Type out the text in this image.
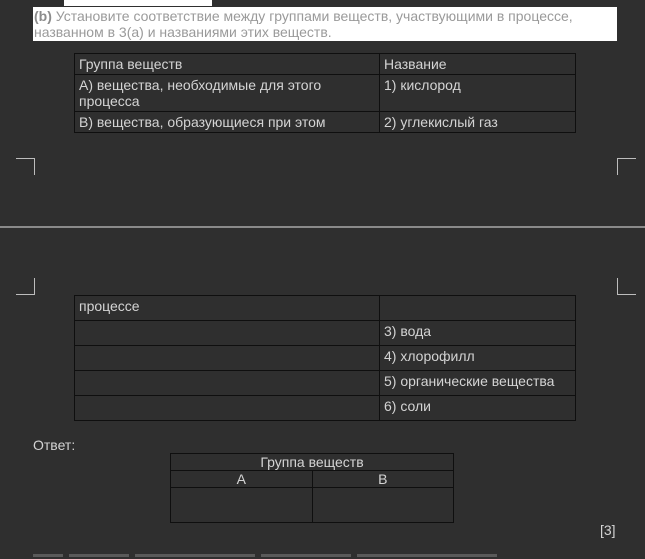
(b) Установите соответствие между группами веществ, участвующими в процессе, названном в 3(а) и названиями этих веществ.
Группа веществ	Название
А) вещества, необходимые для этого процесса	1) кислород
В) вещества, образующиеся при этом	2) углекислый газ
процессе	
	3) вода
	4) хлорофилл
	5) органические вещества
	6) соли
Ответ:
Группа веществ	
А	В

[3]
